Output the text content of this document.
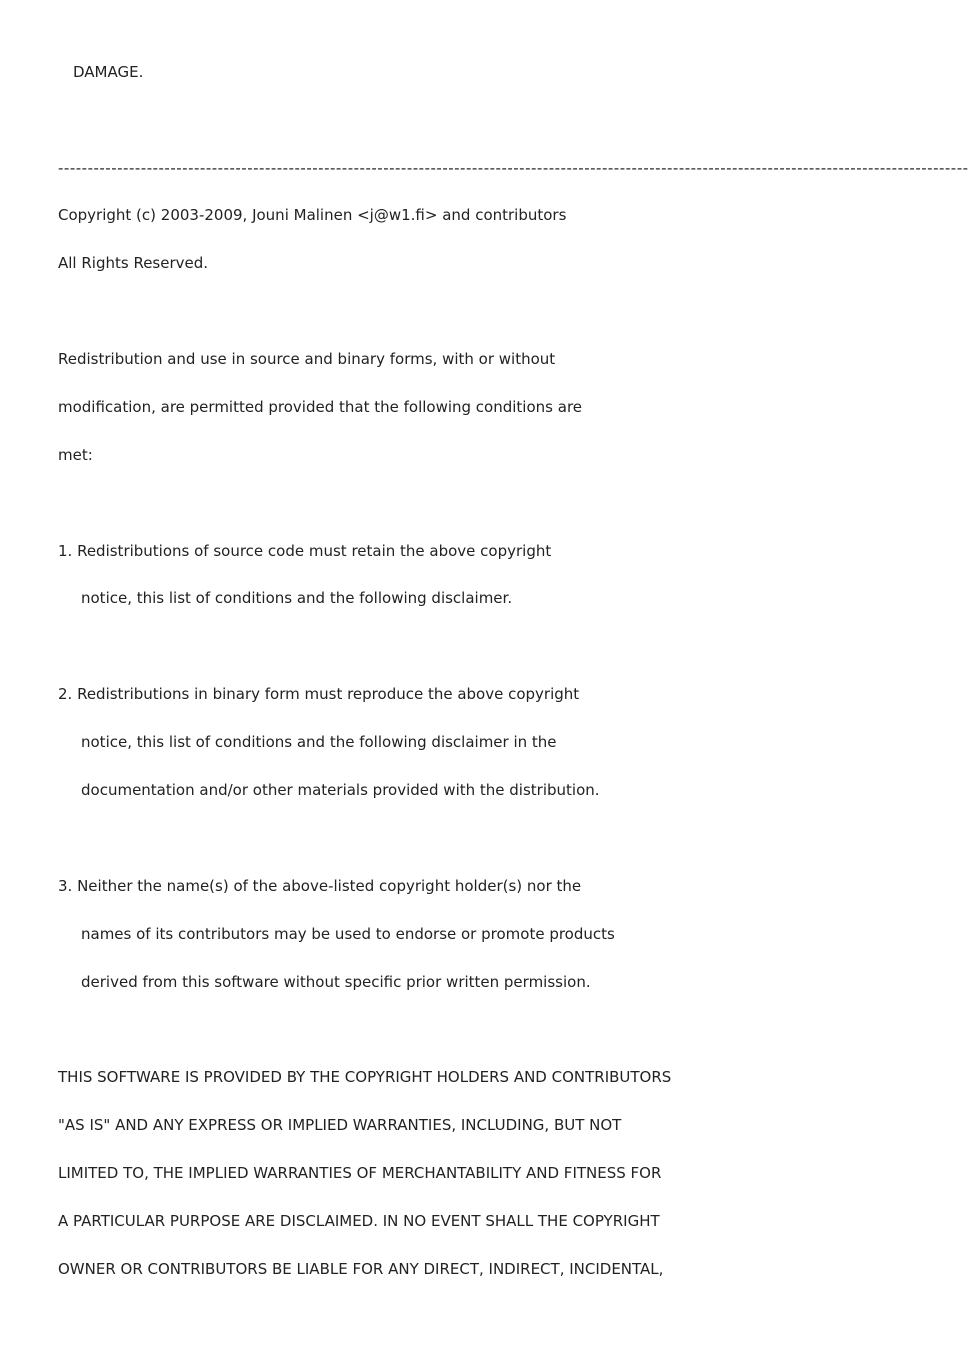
DAMAGE.
----------------------------------------------------------------------------------------------------------------------------------------------------------
Copyright (c) 2003-2009, Jouni Malinen <j@w1.fi> and contributors
All Rights Reserved.
Redistribution and use in source and binary forms, with or without
modification, are permitted provided that the following conditions are
met:
1. Redistributions of source code must retain the above copyright
notice, this list of conditions and the following disclaimer.
2. Redistributions in binary form must reproduce the above copyright
notice, this list of conditions and the following disclaimer in the
documentation and/or other materials provided with the distribution.
3. Neither the name(s) of the above-listed copyright holder(s) nor the
names of its contributors may be used to endorse or promote products
derived from this software without specific prior written permission.
THIS SOFTWARE IS PROVIDED BY THE COPYRIGHT HOLDERS AND CONTRIBUTORS
"AS IS" AND ANY EXPRESS OR IMPLIED WARRANTIES, INCLUDING, BUT NOT
LIMITED TO, THE IMPLIED WARRANTIES OF MERCHANTABILITY AND FITNESS FOR
A PARTICULAR PURPOSE ARE DISCLAIMED. IN NO EVENT SHALL THE COPYRIGHT
OWNER OR CONTRIBUTORS BE LIABLE FOR ANY DIRECT, INDIRECT, INCIDENTAL,
